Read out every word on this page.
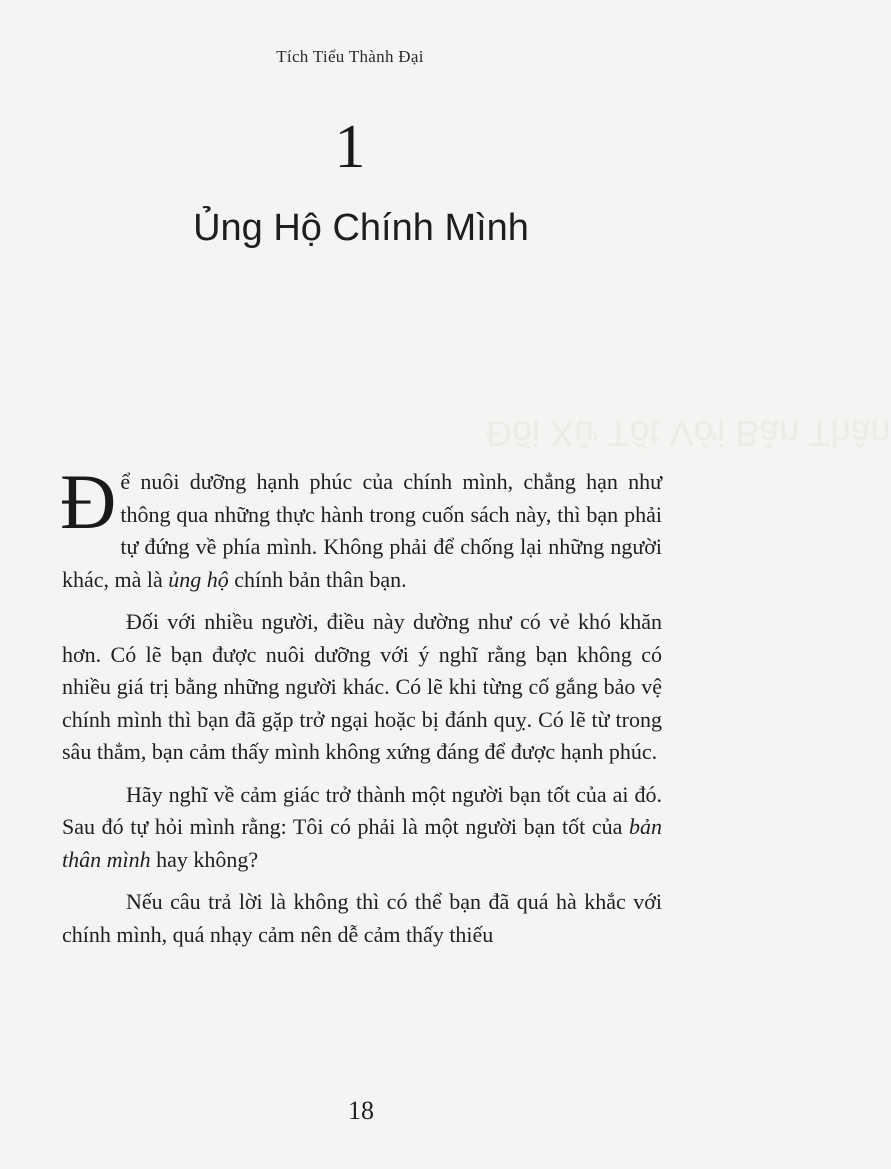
Tích Tiểu Thành Đại
1
Ủng Hộ Chính Mình
Đối Xử Tốt Với Bản Thân

Để nuôi dưỡng hạnh phúc của chính mình, chẳng hạn như thông qua những thực hành trong cuốn sách này, thì bạn phải tự đứng về phía mình. Không phải để chống lại những người khác, mà là ủng hộ chính bản thân bạn.

Đối với nhiều người, điều này dường như có vẻ khó khăn hơn. Có lẽ bạn được nuôi dưỡng với ý nghĩ rằng bạn không có nhiều giá trị bằng những người khác. Có lẽ khi từng cố gắng bảo vệ chính mình thì bạn đã gặp trở ngại hoặc bị đánh quỵ. Có lẽ từ trong sâu thẳm, bạn cảm thấy mình không xứng đáng để được hạnh phúc.

Hãy nghĩ về cảm giác trở thành một người bạn tốt của ai đó. Sau đó tự hỏi mình rằng: Tôi có phải là một người bạn tốt của bản thân mình hay không?

Nếu câu trả lời là không thì có thể bạn đã quá hà khắc với chính mình, quá nhạy cảm nên dễ cảm thấy thiếu

18
